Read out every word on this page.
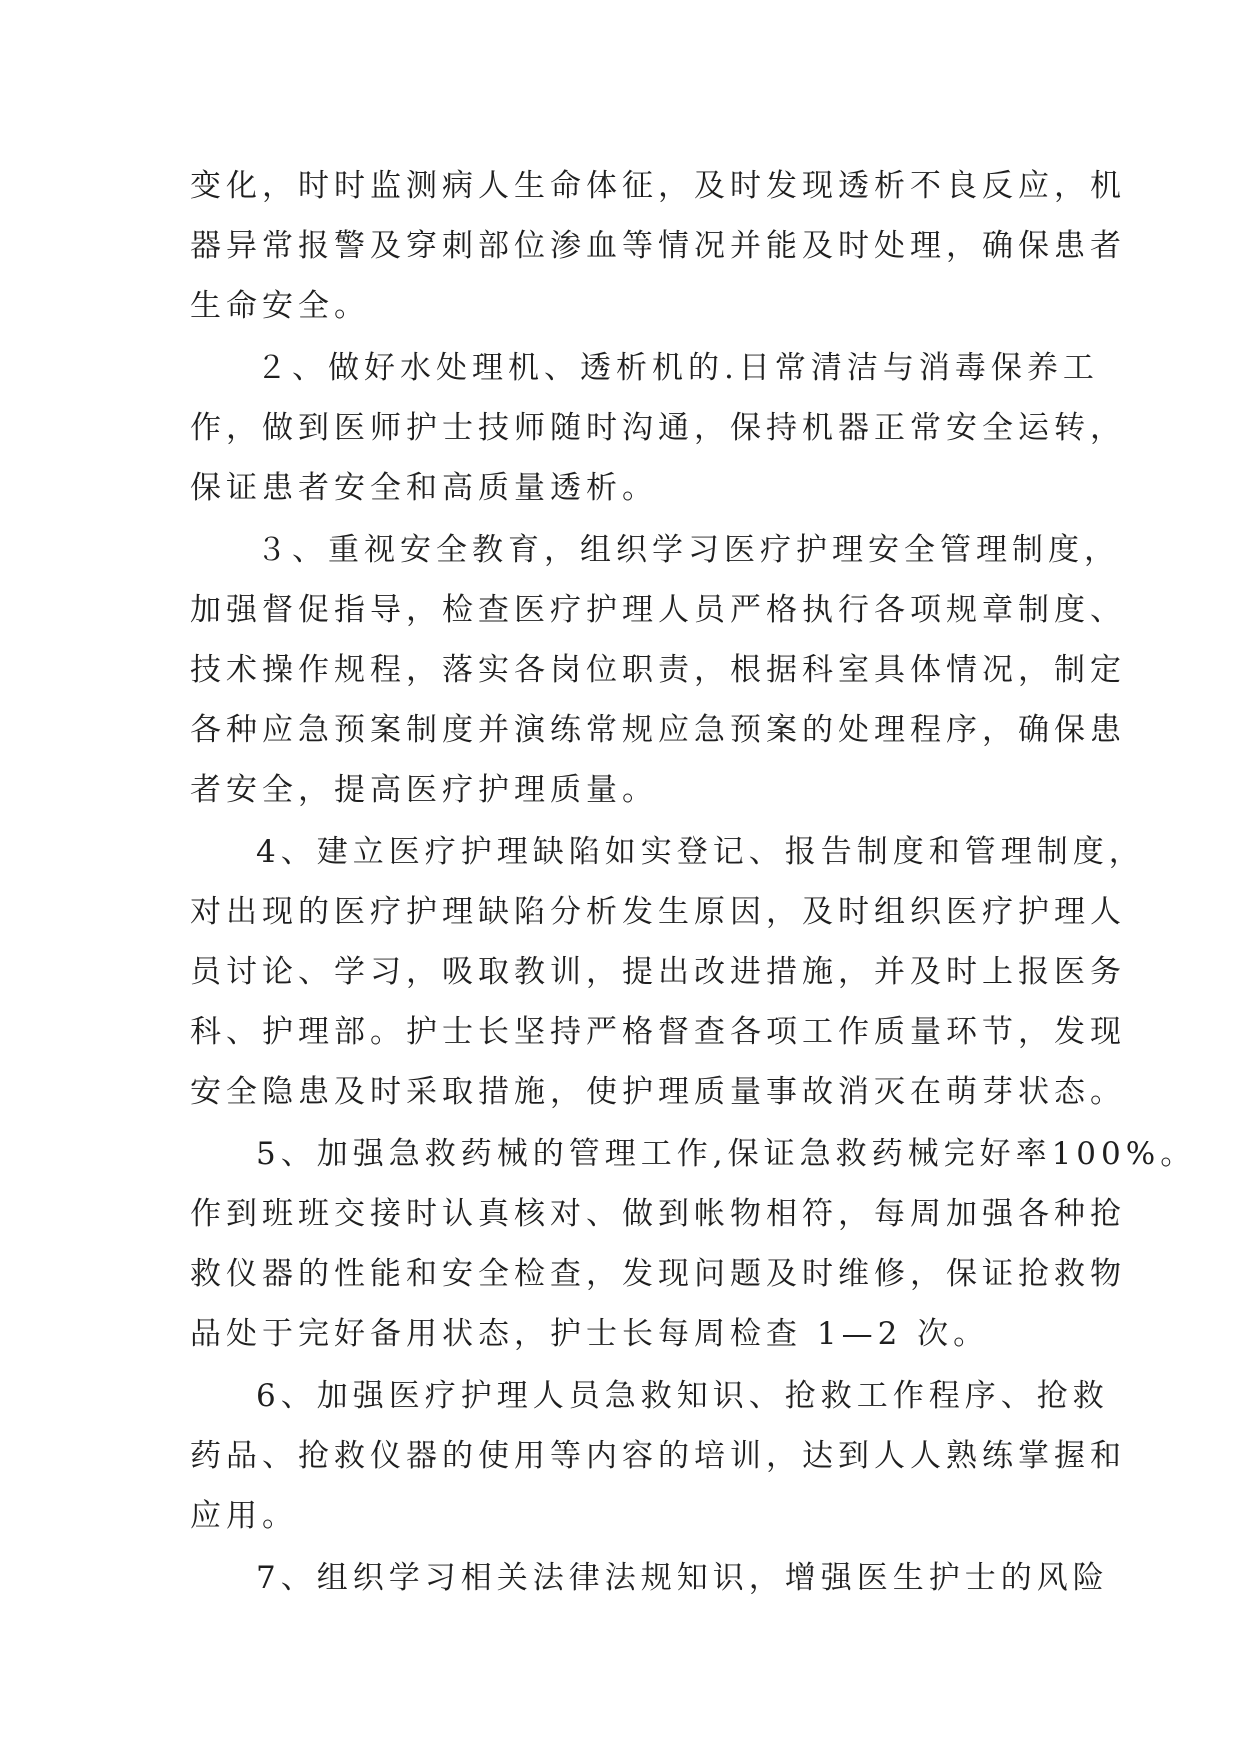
变化，时时监测病人生命体征，及时发现透析不良反应，机
器异常报警及穿刺部位渗血等情况并能及时处理，确保患者
生命安全。
２、做好水处理机、透析机的.日常清洁与消毒保养工
作，做到医师护士技师随时沟通，保持机器正常安全运转，
保证患者安全和高质量透析。
３、重视安全教育，组织学习医疗护理安全管理制度，
加强督促指导，检查医疗护理人员严格执行各项规章制度、
技术操作规程，落实各岗位职责，根据科室具体情况，制定
各种应急预案制度并演练常规应急预案的处理程序，确保患
者安全，提高医疗护理质量。
4、建立医疗护理缺陷如实登记、报告制度和管理制度，
对出现的医疗护理缺陷分析发生原因，及时组织医疗护理人
员讨论、学习，吸取教训，提出改进措施，并及时上报医务
科、护理部。护士长坚持严格督查各项工作质量环节，发现
安全隐患及时采取措施，使护理质量事故消灭在萌芽状态。
5、加强急救药械的管理工作,保证急救药械完好率100%。
作到班班交接时认真核对、做到帐物相符，每周加强各种抢
救仪器的性能和安全检查，发现问题及时维修，保证抢救物
品处于完好备用状态，护士长每周检查 1—2 次。
6、加强医疗护理人员急救知识、抢救工作程序、抢救
药品、抢救仪器的使用等内容的培训，达到人人熟练掌握和
应用。
7、组织学习相关法律法规知识，增强医生护士的风险
